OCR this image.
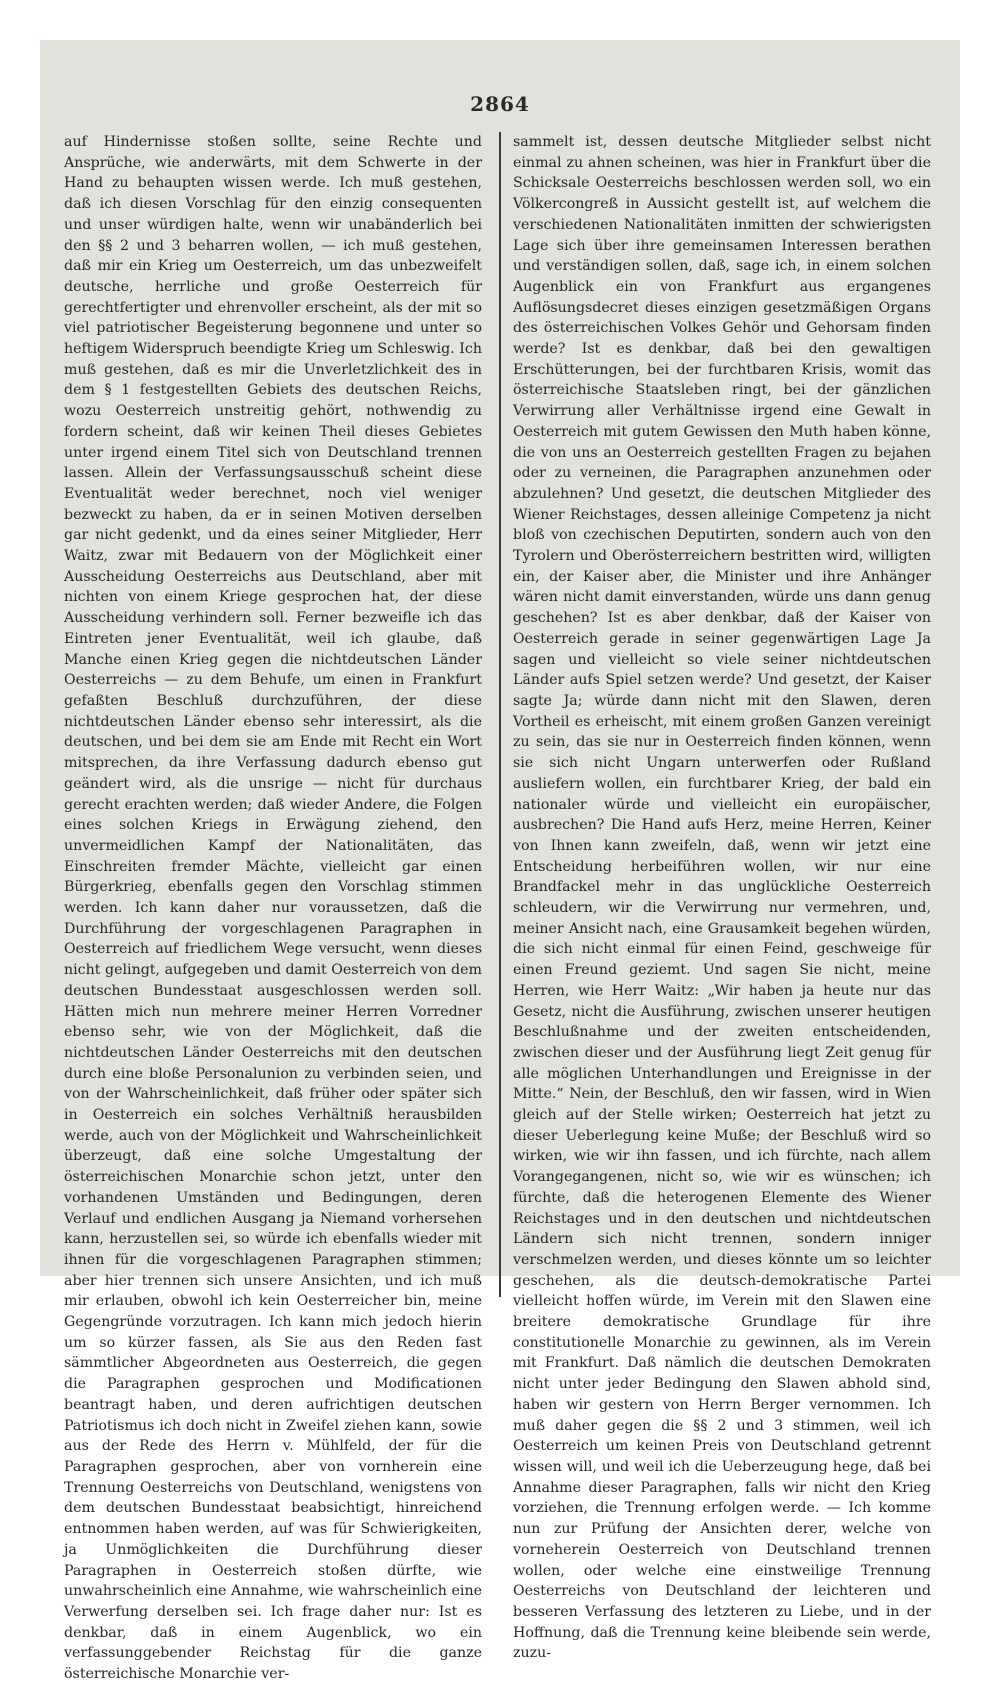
2864

auf Hindernisse stoßen sollte, seine Rechte und Ansprüche, wie anderwärts, mit dem Schwerte in der Hand zu behaupten wissen werde. Ich muß gestehen, daß ich diesen Vorschlag für den einzig consequenten und unser würdigen halte, wenn wir unabänderlich bei den §§ 2 und 3 beharren wollen, — ich muß gestehen, daß mir ein Krieg um Oesterreich, um das unbezweifelt deutsche, herrliche und große Oesterreich für gerechtfertigter und ehrenvoller erscheint, als der mit so viel patriotischer Begeisterung begonnene und unter so heftigem Widerspruch beendigte Krieg um Schleswig. Ich muß gestehen, daß es mir die Unverletzlichkeit des in dem § 1 festgestellten Gebiets des deutschen Reichs, wozu Oesterreich unstreitig gehört, nothwendig zu fordern scheint, daß wir keinen Theil dieses Gebietes unter irgend einem Titel sich von Deutschland trennen lassen. Allein der Verfassungsausschuß scheint diese Eventualität weder berechnet, noch viel weniger bezweckt zu haben, da er in seinen Motiven derselben gar nicht gedenkt, und da eines seiner Mitglieder, Herr Waitz, zwar mit Bedauern von der Möglichkeit einer Ausscheidung Oesterreichs aus Deutschland, aber mit nichten von einem Kriege gesprochen hat, der diese Ausscheidung verhindern soll. Ferner bezweifle ich das Eintreten jener Eventualität, weil ich glaube, daß Manche einen Krieg gegen die nichtdeutschen Länder Oesterreichs — zu dem Behufe, um einen in Frankfurt gefaßten Beschluß durchzuführen, der diese nichtdeutschen Länder ebenso sehr interessirt, als die deutschen, und bei dem sie am Ende mit Recht ein Wort mitsprechen, da ihre Verfassung dadurch ebenso gut geändert wird, als die unsrige — nicht für durchaus gerecht erachten werden; daß wieder Andere, die Folgen eines solchen Kriegs in Erwägung ziehend, den unvermeidlichen Kampf der Nationalitäten, das Einschreiten fremder Mächte, vielleicht gar einen Bürgerkrieg, ebenfalls gegen den Vorschlag stimmen werden. Ich kann daher nur voraussetzen, daß die Durchführung der vorgeschlagenen Paragraphen in Oesterreich auf friedlichem Wege versucht, wenn dieses nicht gelingt, aufgegeben und damit Oesterreich von dem deutschen Bundesstaat ausgeschlossen werden soll. Hätten mich nun mehrere meiner Herren Vorredner ebenso sehr, wie von der Möglichkeit, daß die nichtdeutschen Länder Oesterreichs mit den deutschen durch eine bloße Personalunion zu verbinden seien, und von der Wahrscheinlichkeit, daß früher oder später sich in Oesterreich ein solches Verhältniß herausbilden werde, auch von der Möglichkeit und Wahrscheinlichkeit überzeugt, daß eine solche Umgestaltung der österreichischen Monarchie schon jetzt, unter den vorhandenen Umständen und Bedingungen, deren Verlauf und endlichen Ausgang ja Niemand vorhersehen kann, herzustellen sei, so würde ich ebenfalls wieder mit ihnen für die vorgeschlagenen Paragraphen stimmen; aber hier trennen sich unsere Ansichten, und ich muß mir erlauben, obwohl ich kein Oesterreicher bin, meine Gegengründe vorzutragen. Ich kann mich jedoch hierin um so kürzer fassen, als Sie aus den Reden fast sämmtlicher Abgeordneten aus Oesterreich, die gegen die Paragraphen gesprochen und Modificationen beantragt haben, und deren aufrichtigen deutschen Patriotismus ich doch nicht in Zweifel ziehen kann, sowie aus der Rede des Herrn v. Mühlfeld, der für die Paragraphen gesprochen, aber von vornherein eine Trennung Oesterreichs von Deutschland, wenigstens von dem deutschen Bundesstaat beabsichtigt, hinreichend entnommen haben werden, auf was für Schwierigkeiten, ja Unmöglichkeiten die Durchführung dieser Paragraphen in Oesterreich stoßen dürfte, wie unwahrscheinlich eine Annahme, wie wahrscheinlich eine Verwerfung derselben sei. Ich frage daher nur: Ist es denkbar, daß in einem Augenblick, wo ein verfassunggebender Reichstag für die ganze österreichische Monarchie ver-

sammelt ist, dessen deutsche Mitglieder selbst nicht einmal zu ahnen scheinen, was hier in Frankfurt über die Schicksale Oesterreichs beschlossen werden soll, wo ein Völkercongreß in Aussicht gestellt ist, auf welchem die verschiedenen Nationalitäten inmitten der schwierigsten Lage sich über ihre gemeinsamen Interessen berathen und verständigen sollen, daß, sage ich, in einem solchen Augenblick ein von Frankfurt aus ergangenes Auflösungsdecret dieses einzigen gesetzmäßigen Organs des österreichischen Volkes Gehör und Gehorsam finden werde? Ist es denkbar, daß bei den gewaltigen Erschütterungen, bei der furchtbaren Krisis, womit das österreichische Staatsleben ringt, bei der gänzlichen Verwirrung aller Verhältnisse irgend eine Gewalt in Oesterreich mit gutem Gewissen den Muth haben könne, die von uns an Oesterreich gestellten Fragen zu bejahen oder zu verneinen, die Paragraphen anzunehmen oder abzulehnen? Und gesetzt, die deutschen Mitglieder des Wiener Reichstages, dessen alleinige Competenz ja nicht bloß von czechischen Deputirten, sondern auch von den Tyrolern und Oberösterreichern bestritten wird, willigten ein, der Kaiser aber, die Minister und ihre Anhänger wären nicht damit einverstanden, würde uns dann genug geschehen? Ist es aber denkbar, daß der Kaiser von Oesterreich gerade in seiner gegenwärtigen Lage Ja sagen und vielleicht so viele seiner nichtdeutschen Länder aufs Spiel setzen werde? Und gesetzt, der Kaiser sagte Ja; würde dann nicht mit den Slawen, deren Vortheil es erheischt, mit einem großen Ganzen vereinigt zu sein, das sie nur in Oesterreich finden können, wenn sie sich nicht Ungarn unterwerfen oder Rußland ausliefern wollen, ein furchtbarer Krieg, der bald ein nationaler würde und vielleicht ein europäischer, ausbrechen? Die Hand aufs Herz, meine Herren, Keiner von Ihnen kann zweifeln, daß, wenn wir jetzt eine Entscheidung herbeiführen wollen, wir nur eine Brandfackel mehr in das unglückliche Oesterreich schleudern, wir die Verwirrung nur vermehren, und, meiner Ansicht nach, eine Grausamkeit begehen würden, die sich nicht einmal für einen Feind, geschweige für einen Freund geziemt. Und sagen Sie nicht, meine Herren, wie Herr Waitz: „Wir haben ja heute nur das Gesetz, nicht die Ausführung, zwischen unserer heutigen Beschlußnahme und der zweiten entscheidenden, zwischen dieser und der Ausführung liegt Zeit genug für alle möglichen Unterhandlungen und Ereignisse in der Mitte.“ Nein, der Beschluß, den wir fassen, wird in Wien gleich auf der Stelle wirken; Oesterreich hat jetzt zu dieser Ueberlegung keine Muße; der Beschluß wird so wirken, wie wir ihn fassen, und ich fürchte, nach allem Vorangegangenen, nicht so, wie wir es wünschen; ich fürchte, daß die heterogenen Elemente des Wiener Reichstages und in den deutschen und nichtdeutschen Ländern sich nicht trennen, sondern inniger verschmelzen werden, und dieses könnte um so leichter geschehen, als die deutsch-demokratische Partei vielleicht hoffen würde, im Verein mit den Slawen eine breitere demokratische Grundlage für ihre constitutionelle Monarchie zu gewinnen, als im Verein mit Frankfurt. Daß nämlich die deutschen Demokraten nicht unter jeder Bedingung den Slawen abhold sind, haben wir gestern von Herrn Berger vernommen. Ich muß daher gegen die §§ 2 und 3 stimmen, weil ich Oesterreich um keinen Preis von Deutschland getrennt wissen will, und weil ich die Ueberzeugung hege, daß bei Annahme dieser Paragraphen, falls wir nicht den Krieg vorziehen, die Trennung erfolgen werde. — Ich komme nun zur Prüfung der Ansichten derer, welche von vorneherein Oesterreich von Deutschland trennen wollen, oder welche eine einstweilige Trennung Oesterreichs von Deutschland der leichteren und besseren Verfassung des letzteren zu Liebe, und in der Hoffnung, daß die Trennung keine bleibende sein werde, zuzu-
